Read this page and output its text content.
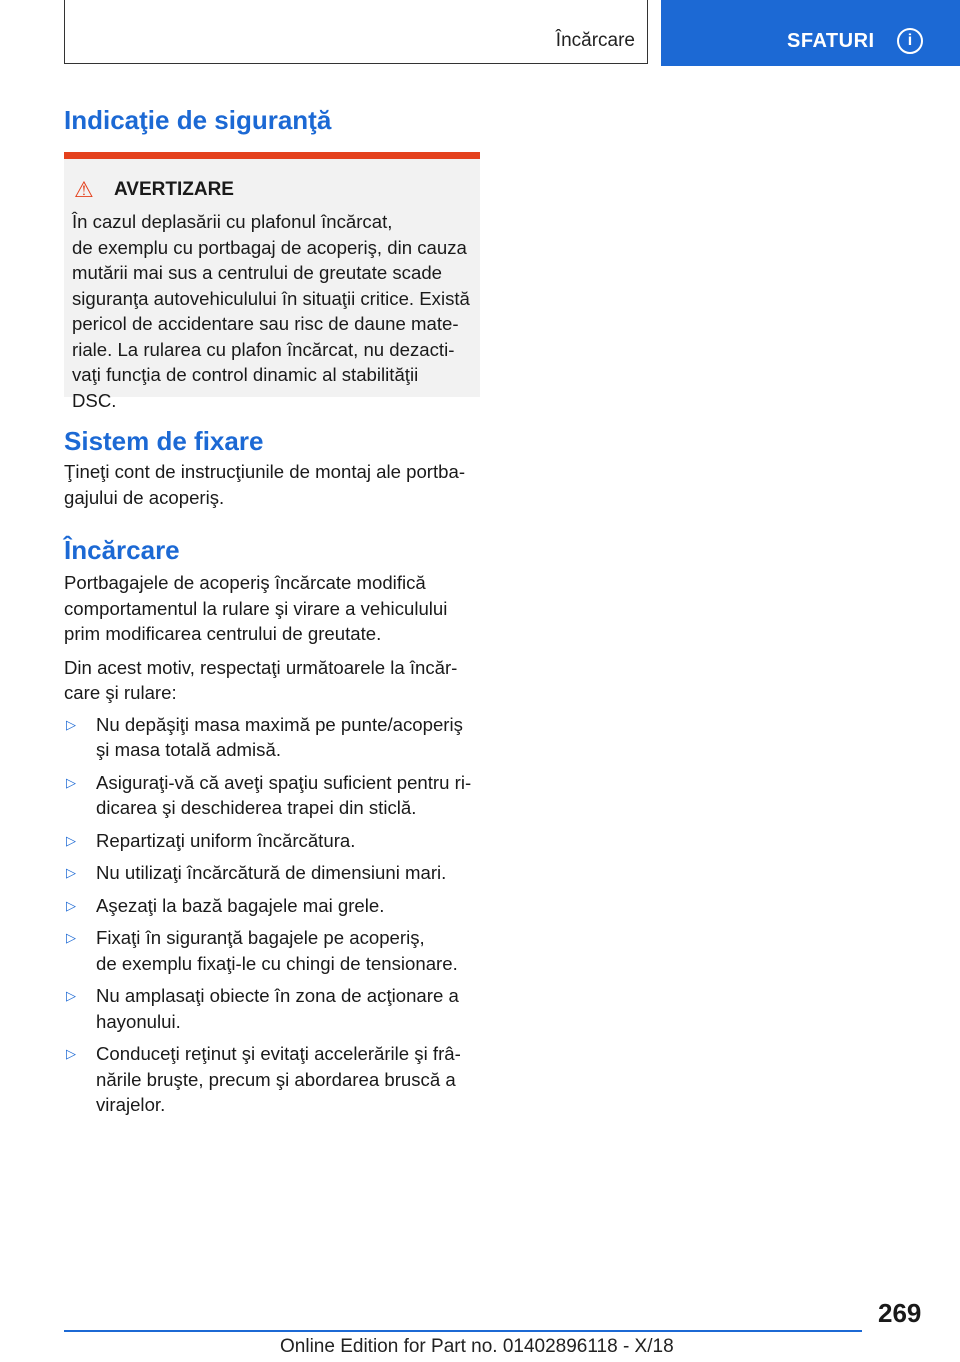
Încărcare	SFATURI	i
Indicaţie de siguranţă
⚠	AVERTIZARE

În cazul deplasării cu plafonul încărcat,
de exemplu cu portbagaj de acoperiş, din cauza
mutării mai sus a centrului de greutate scade
siguranţa autovehiculului în situaţii critice. Există
pericol de accidentare sau risc de daune mate‐
riale. La rularea cu plafon încărcat, nu dezacti‐
vaţi funcţia de control dinamic al stabilităţii
DSC.

Sistem de fixare

Ţineţi cont de instrucţiunile de montaj ale portba‐
gajului de acoperiş.

Încărcare

Portbagajele de acoperiş încărcate modifică
comportamentul la rulare şi virare a vehiculului
prim modificarea centrului de greutate.

Din acest motiv, respectaţi următoarele la încăr‐
care şi rulare:

▷	Nu depăşiţi masa maximă pe punte/acoperiş
şi masa totală admisă.
▷	Asiguraţi-vă că aveţi spaţiu suficient pentru ri‐
dicarea şi deschiderea trapei din sticlă.
▷	Repartizaţi uniform încărcătura.
▷	Nu utilizaţi încărcătură de dimensiuni mari.
▷	Aşezaţi la bază bagajele mai grele.
▷	Fixaţi în siguranţă bagajele pe acoperiş,
de exemplu fixaţi-le cu chingi de tensionare.
▷	Nu amplasaţi obiecte în zona de acţionare a
hayonului.
▷	Conduceţi reţinut şi evitaţi accelerările şi frâ‐
nările bruşte, precum şi abordarea bruscă a
virajelor.
269
Online Edition for Part no. 01402896118 - X/18
